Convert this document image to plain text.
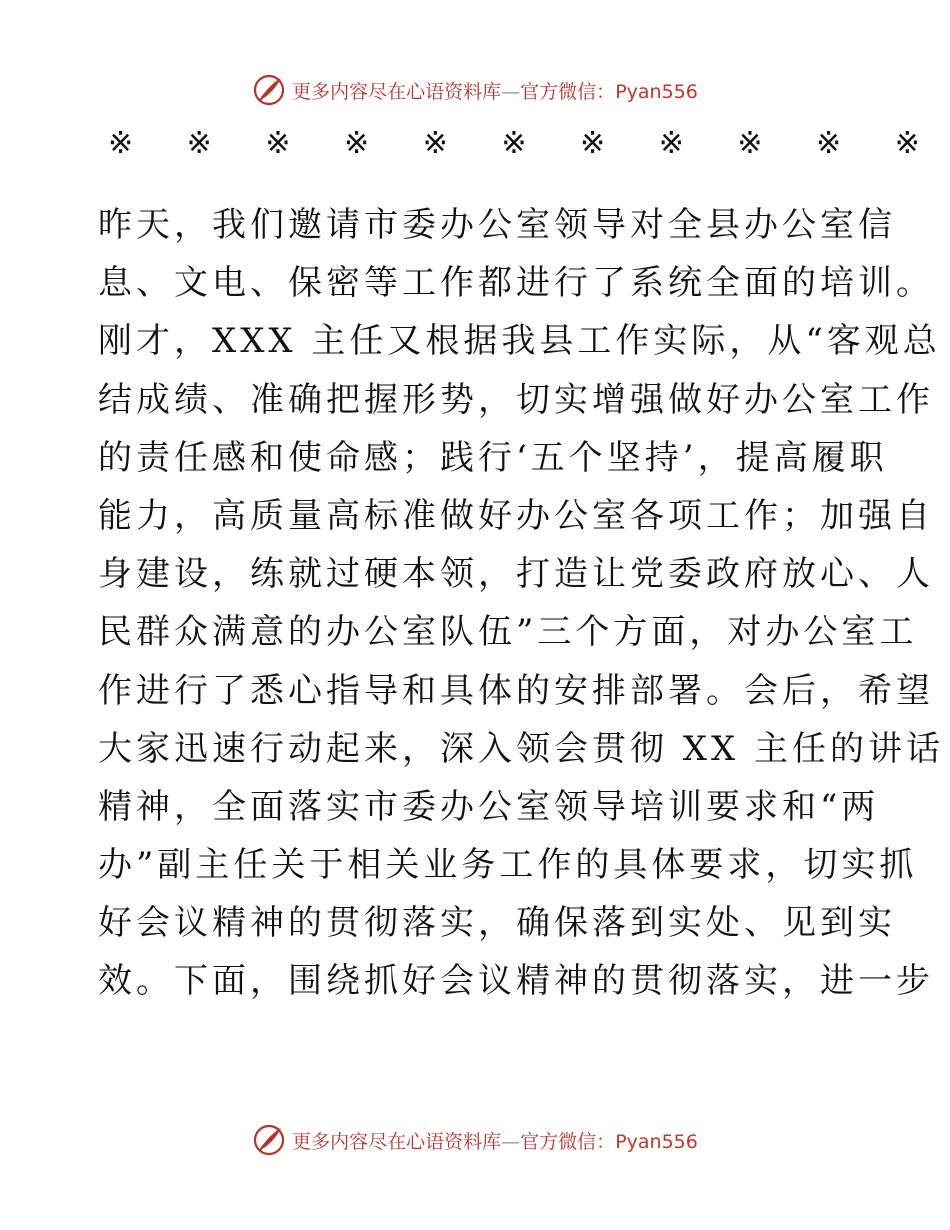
更多内容尽在心语资料库—官方微信：Pyan556
※ ※ ※ ※ ※ ※ ※ ※ ※ ※ ※
昨天，我们邀请市委办公室领导对全县办公室信
息、文电、保密等工作都进行了系统全面的培训。
刚才，XXX 主任又根据我县工作实际，从“客观总
结成绩、准确把握形势，切实增强做好办公室工作
的责任感和使命感；践行‘五个坚持’，提高履职
能力，高质量高标准做好办公室各项工作；加强自
身建设，练就过硬本领，打造让党委政府放心、人
民群众满意的办公室队伍”三个方面，对办公室工
作进行了悉心指导和具体的安排部署。会后，希望
大家迅速行动起来，深入领会贯彻 XX 主任的讲话
精神，全面落实市委办公室领导培训要求和“两
办”副主任关于相关业务工作的具体要求，切实抓
好会议精神的贯彻落实，确保落到实处、见到实
效。下面，围绕抓好会议精神的贯彻落实，进一步
更多内容尽在心语资料库—官方微信：Pyan556
